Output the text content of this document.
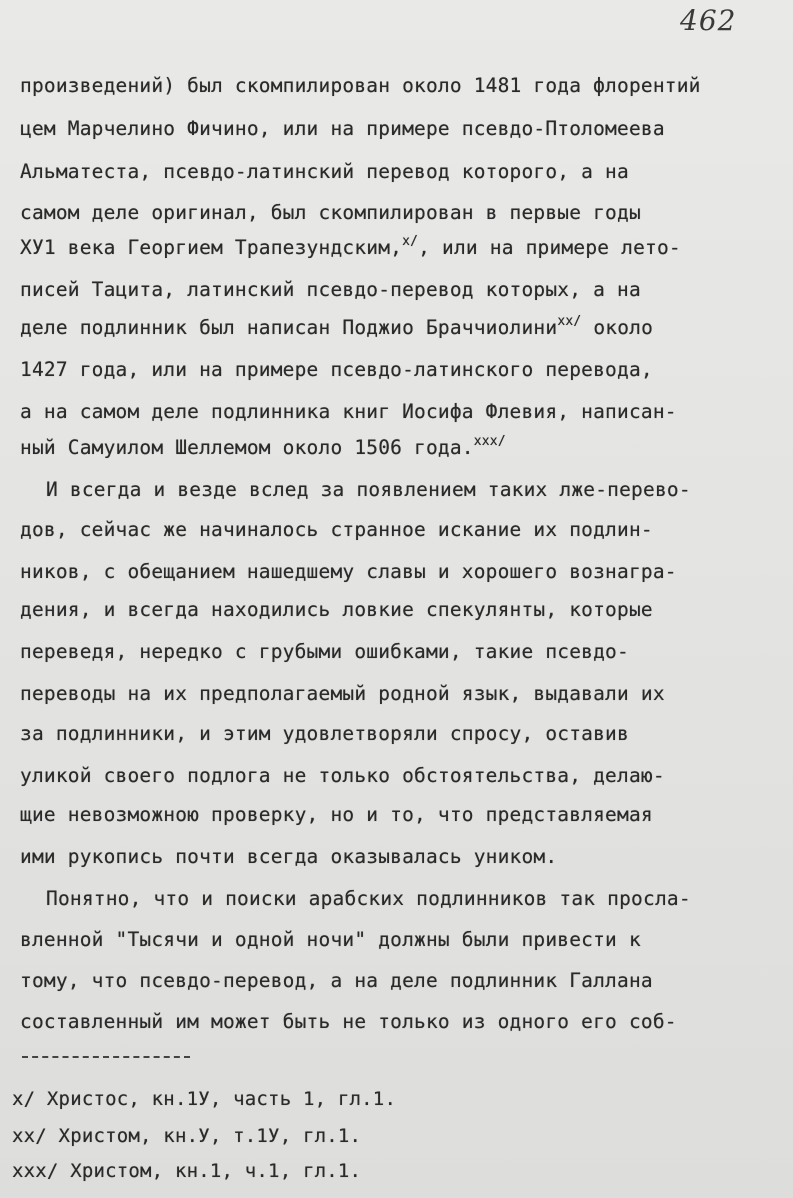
462
произведений) был скомпилирован около 1481 года флорентий
цем Марчелино Фичино, или на примере псевдо-Птоломеева
Альматеста, псевдо-латинский перевод которого, а на
самом деле оригинал, был скомпилирован в первые годы
ХУ1 века Георгием Трапезундским,$^{х/}$, или на примере лето-
писей Тацита, латинский псевдо-перевод которых, а на
деле подлинник был написан Поджио Браччиолини$^{хх/}$ около
1427 года, или на примере псевдо-латинского перевода,
а на самом деле подлинника книг Иосифа Флевия, написан-
ный Самуилом Шеллемом около 1506 года.$^{ххх/}$
И всегда и везде вслед за появлением таких лже-перево-
дов, сейчас же начиналось странное искание их подлин-
ников, с обещанием нашедшему славы и хорошего вознагра-
дения, и всегда находились ловкие спекулянты, которые
переведя, нередко с грубыми ошибками, такие псевдо-
переводы на их предполагаемый родной язык, выдавали их
за подлинники, и этим удовлетворяли спросу, оставив
уликой своего подлога не только обстоятельства, делаю-
щие невозможною проверку, но и то, что представляемая
ими рукопись почти всегда оказывалась уником.
Понятно, что и поиски арабских подлинников так просла-
вленной "Тысячи и одной ночи" должны были привести к
тому, что псевдо-перевод, а на деле подлинник Галлана
составленный им может быть не только из одного его соб-
х/ Христос, кн.1У, часть 1, гл.1.
хх/ Христом, кн.У, т.1У, гл.1.
ххх/ Христом, кн.1, ч.1, гл.1.
